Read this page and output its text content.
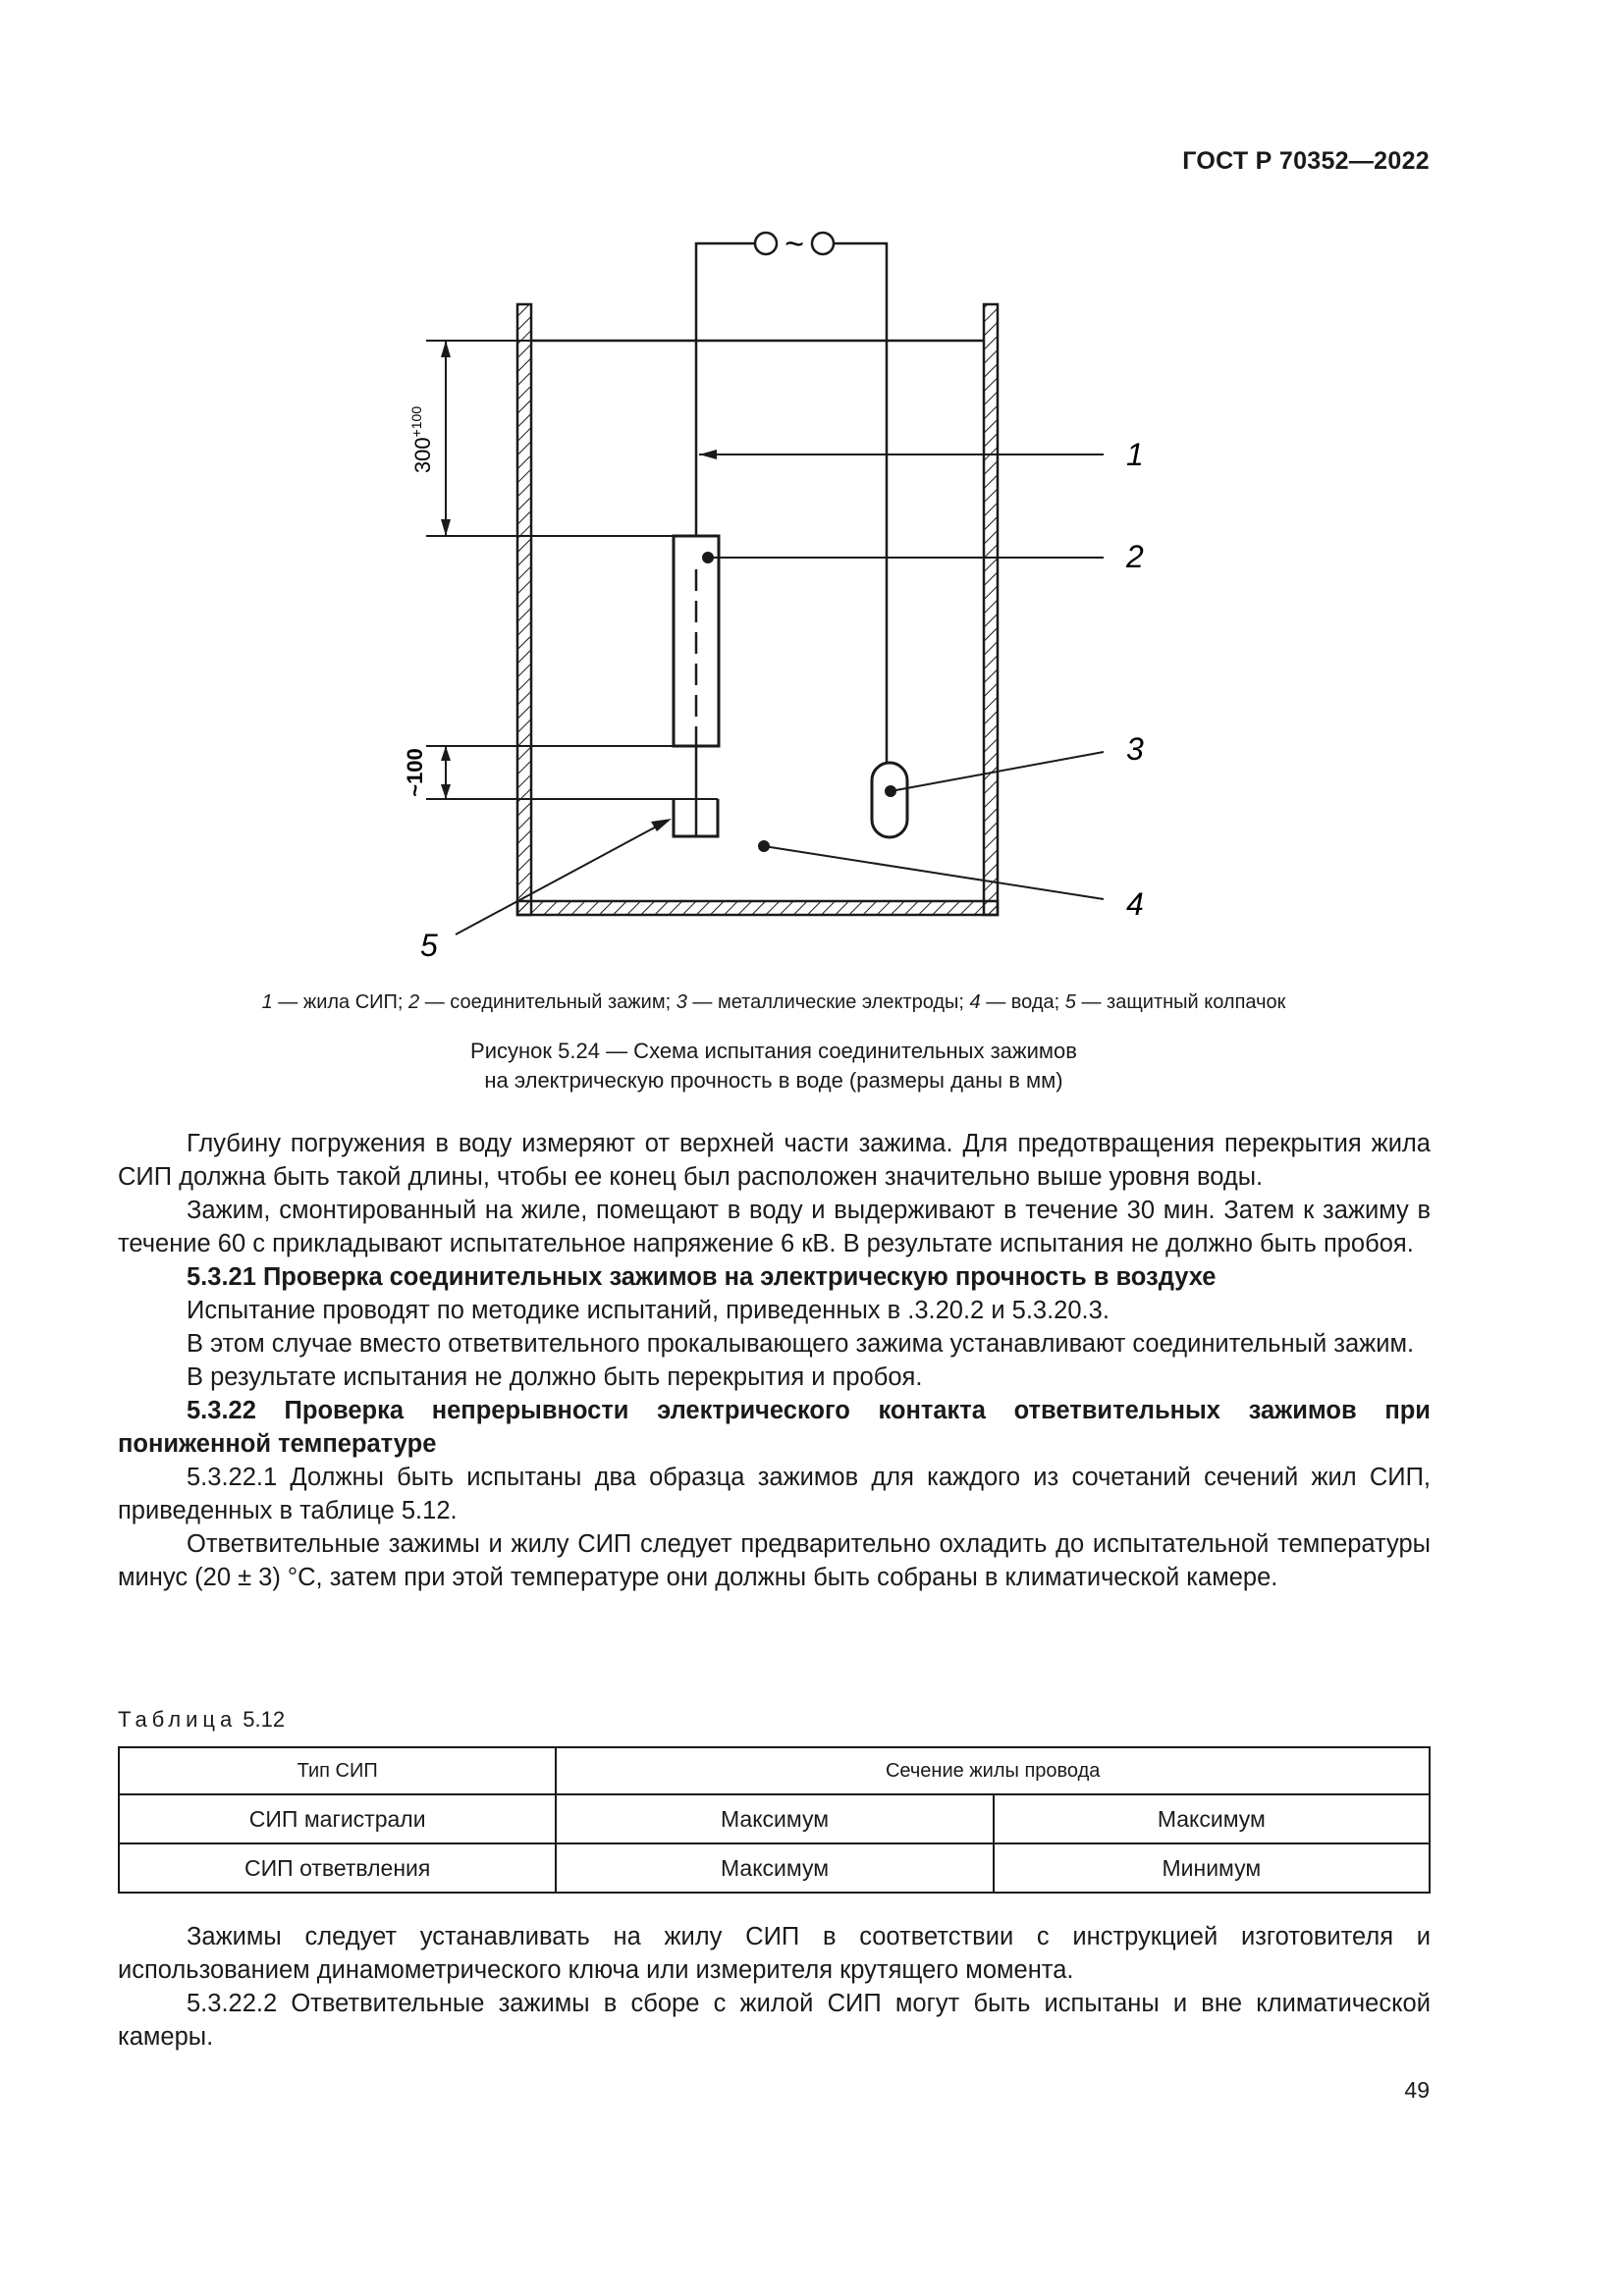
ГОСТ Р 70352—2022
~
$300^{+100}$
~100
1
2
3
4
5
1 — жила СИП; 2 — соединительный зажим; 3 — металлические электроды; 4 — вода; 5 — защитный колпачок
Рисунок 5.24 — Схема испытания соединительных зажимов
на электрическую прочность в воде (размеры даны в мм)

Глубину погружения в воду измеряют от верхней части зажима. Для предотвращения перекрытия жила СИП должна быть такой длины, чтобы ее конец был расположен значительно выше уровня воды.

Зажим, смонтированный на жиле, помещают в воду и выдерживают в течение 30 мин. Затем к зажиму в течение 60 с прикладывают испытательное напряжение 6 кВ. В результате испытания не должно быть пробоя.

5.3.21 Проверка соединительных зажимов на электрическую прочность в воздухе

Испытание проводят по методике испытаний, приведенных в .3.20.2 и 5.3.20.3.

В этом случае вместо ответвительного прокалывающего зажима устанавливают соединительный зажим.

В результате испытания не должно быть перекрытия и пробоя.

5.3.22 Проверка непрерывности электрического контакта ответвительных зажимов при пониженной температуре

5.3.22.1 Должны быть испытаны два образца зажимов для каждого из сочетаний сечений жил СИП, приведенных в таблице 5.12.

Ответвительные зажимы и жилу СИП следует предварительно охладить до испытательной температуры минус (20 ± 3) °С, затем при этой температуре они должны быть собраны в климатической камере.

Таблица 5.12
Тип СИП	Сечение жилы провода	
СИП магистрали	Максимум	Максимум
СИП ответвления	Максимум	Минимум

Зажимы следует устанавливать на жилу СИП в соответствии с инструкцией изготовителя и использованием динамометрического ключа или измерителя крутящего момента.

5.3.22.2 Ответвительные зажимы в сборе с жилой СИП могут быть испытаны и вне климатической камеры.

49
